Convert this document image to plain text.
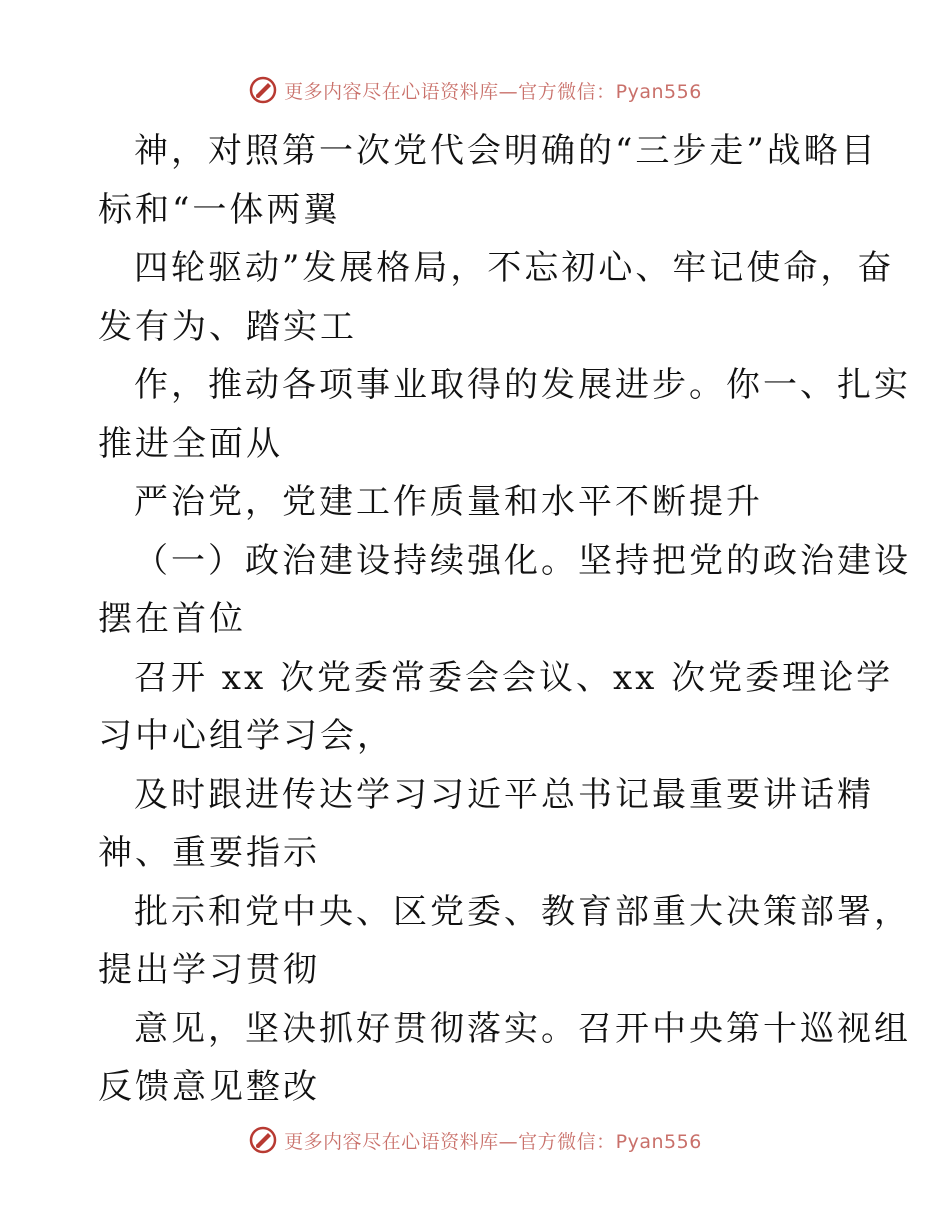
更多内容尽在心语资料库—官方微信：Pyan556
神，对照第一次党代会明确的“三步走”战略目
标和“一体两翼
四轮驱动”发展格局，不忘初心、牢记使命，奋
发有为、踏实工
作，推动各项事业取得的发展进步。你一、扎实
推进全面从
严治党，党建工作质量和水平不断提升
（一）政治建设持续强化。坚持把党的政治建设
摆在首位
召开 xx 次党委常委会会议、xx 次党委理论学
习中心组学习会，
及时跟进传达学习习近平总书记最重要讲话精
神、重要指示
批示和党中央、区党委、教育部重大决策部署，
提出学习贯彻
意见，坚决抓好贯彻落实。召开中央第十巡视组
反馈意见整改
更多内容尽在心语资料库—官方微信：Pyan556
